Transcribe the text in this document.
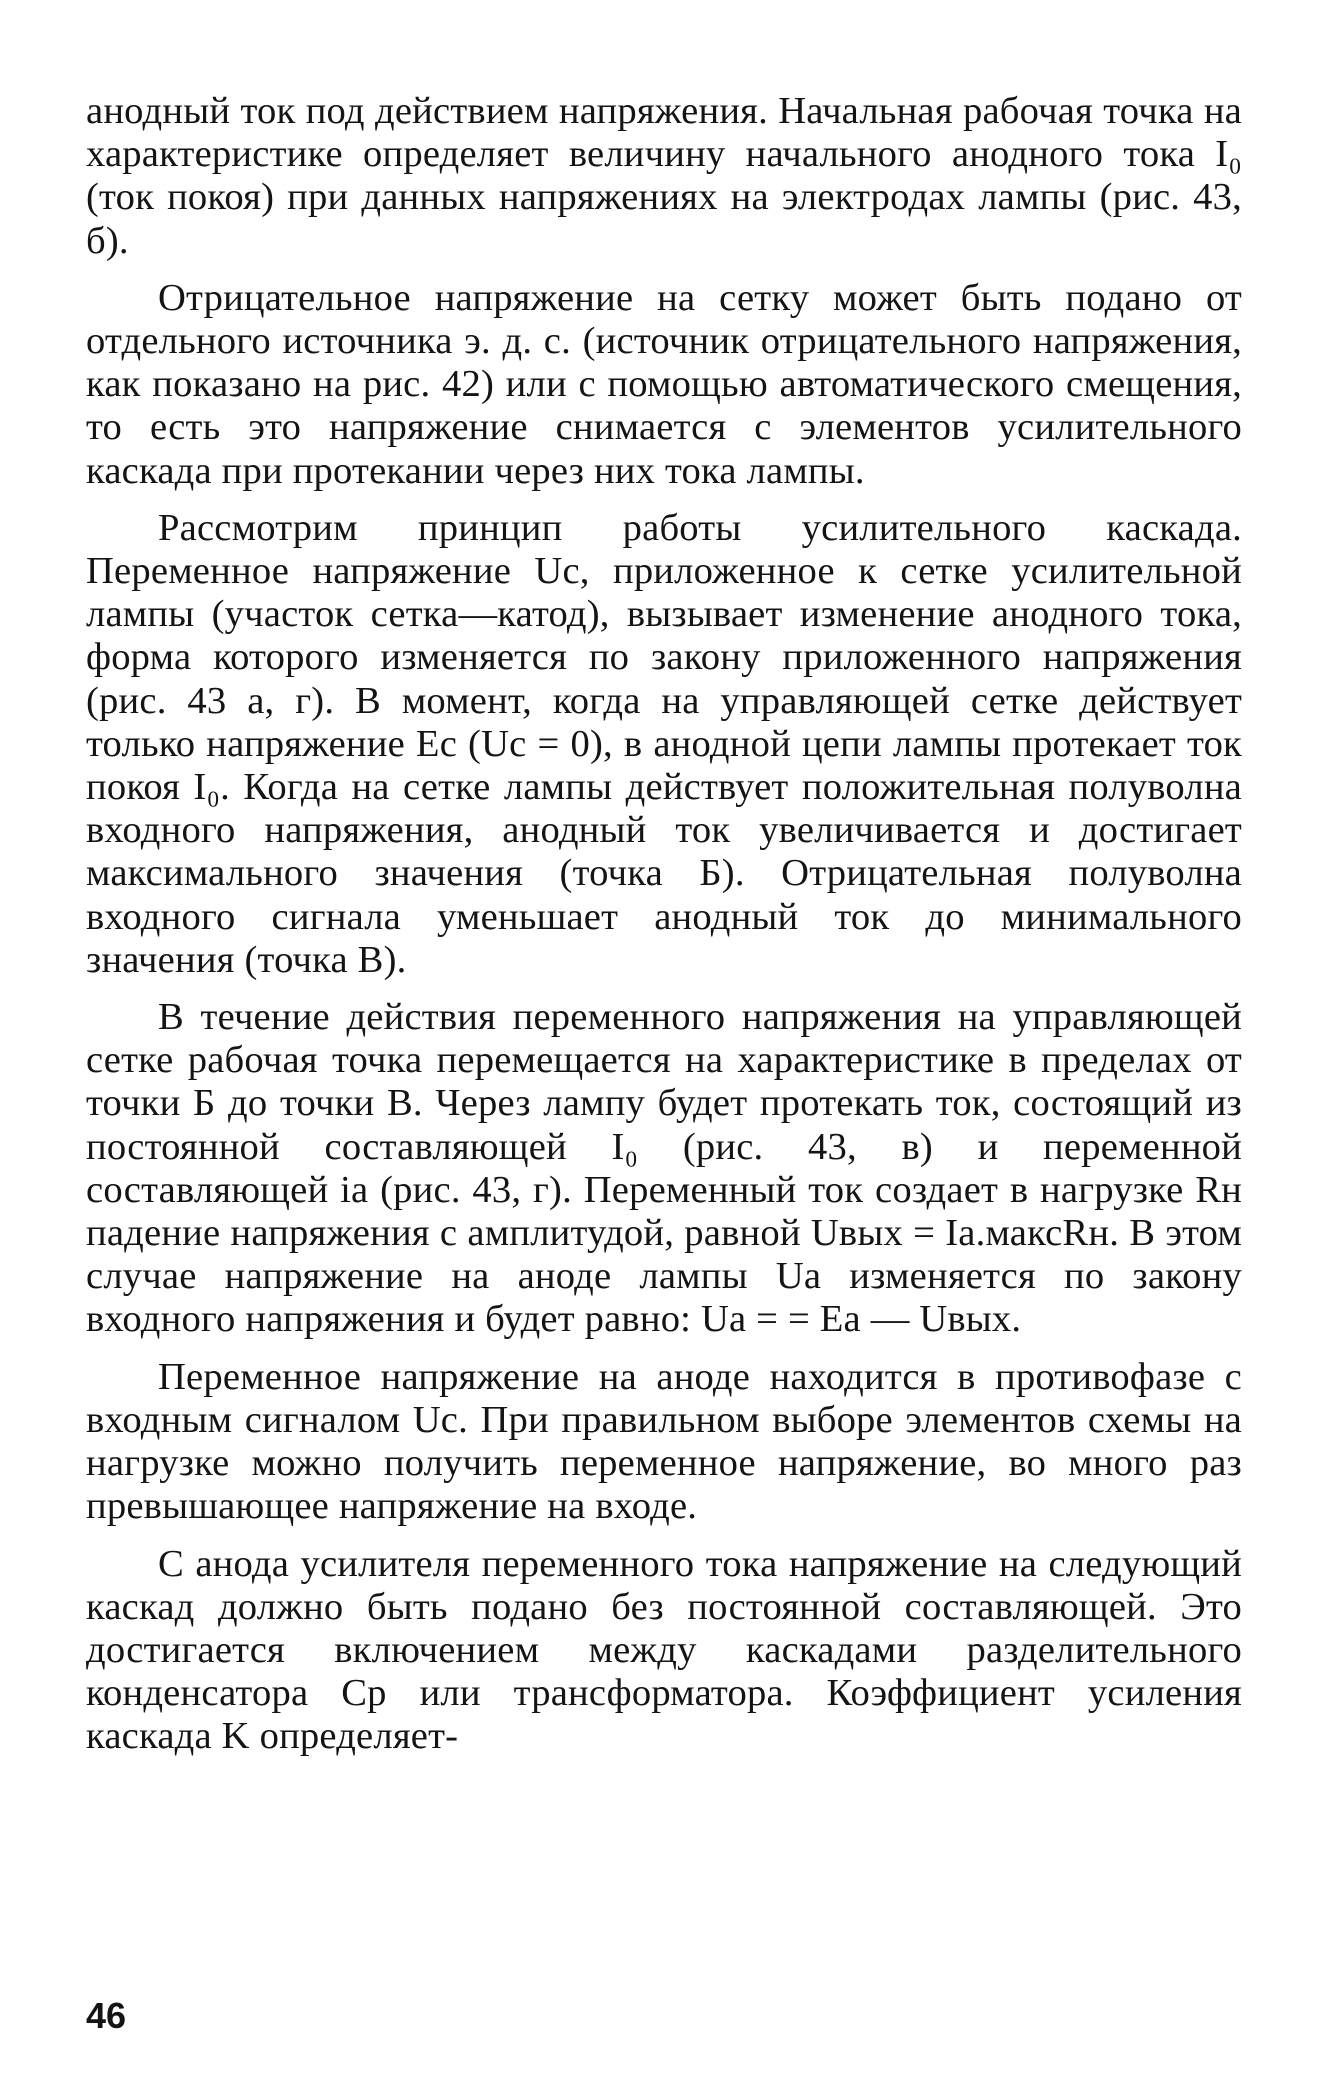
анодный ток под действием напряжения. Начальная рабочая точка на характеристике определяет величину начального анодного тока I₀ (ток покоя) при данных напряжениях на электродах лампы (рис. 43, б).

Отрицательное напряжение на сетку может быть подано от отдельного источника э. д. с. (источник отрицательного напряжения, как показано на рис. 42) или с помощью автоматического смещения, то есть это напряжение снимается с элементов усилительного каскада при протекании через них тока лампы.

Рассмотрим принцип работы усилительного каскада. Переменное напряжение Uс, приложенное к сетке усилительной лампы (участок сетка—катод), вызывает изменение анодного тока, форма которого изменяется по закону приложенного напряжения (рис. 43 а, г). В момент, когда на управляющей сетке действует только напряжение Eс (Uс = 0), в анодной цепи лампы протекает ток покоя I₀. Когда на сетке лампы действует положительная полуволна входного напряжения, анодный ток увеличивается и достигает максимального значения (точка Б). Отрицательная полуволна входного сигнала уменьшает анодный ток до минимального значения (точка В).

В течение действия переменного напряжения на управляющей сетке рабочая точка перемещается на характеристике в пределах от точки Б до точки В. Через лампу будет протекать ток, состоящий из постоянной составляющей I₀ (рис. 43, в) и переменной составляющей iа (рис. 43, г). Переменный ток создает в нагрузке Rн падение напряжения с амплитудой, равной Uвых = Iа.максRн. В этом случае напряжение на аноде лампы Uа изменяется по закону входного напряжения и будет равно: Uа = = Eа — Uвых.

Переменное напряжение на аноде находится в противофазе с входным сигналом Uс. При правильном выборе элементов схемы на нагрузке можно получить переменное напряжение, во много раз превышающее напряжение на входе.

С анода усилителя переменного тока напряжение на следующий каскад должно быть подано без постоянной составляющей. Это достигается включением между каскадами разделительного конденсатора Cр или трансформатора. Коэффициент усиления каскада K определяет-

46
